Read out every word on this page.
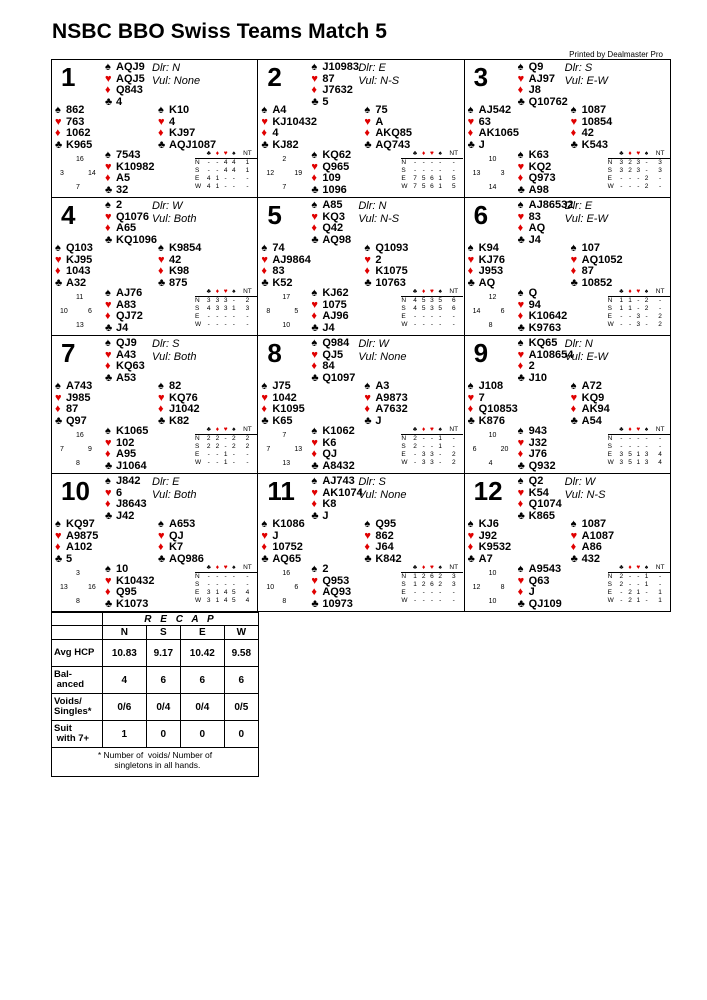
NSBC BBO Swiss Teams Match 5
Printed by Dealmaster Pro
1	Dlr: N
Vul: None
♠ AQJ9
♥ AQJ5
♦ Q843
♣ 4
♠ 862
♥ 763
♦ 1062
♣ K965
♠ K10
♥ 4
♦ KJ97
♣ AQJ1087
♠ 7543
♥ K10982
♦ A5
♣ 32
16
3	14
7
	♣	♦	♥	♠	NT
N	-	-	4	4	1
S	-	-	4	4	1
E	4	1	-	-	-
W	4	1	-	-	-
2	Dlr: E
Vul: N-S
♠ J10983
♥ 87
♦ J7632
♣ 5
♠ A4
♥ KJ10432
♦ 4
♣ KJ82
♠ 75
♥ A
♦ AKQ85
♣ AQ743
♠ KQ62
♥ Q965
♦ 109
♣ 1096
2
12	19
7
	♣	♦	♥	♠	NT
N	-	-	-	-	-
S	-	-	-	-	-
E	7	5	6	1	5
W	7	5	6	1	5
3	Dlr: S
Vul: E-W
♠ Q9
♥ AJ97
♦ J8
♣ Q10762
♠ AJ542
♥ 63
♦ AK1065
♣ J
♠ 1087
♥ 10854
♦ 42
♣ K543
♠ K63
♥ KQ2
♦ Q973
♣ A98
10
13	3
14
	♣	♦	♥	♠	NT
N	3	2	3	-	3
S	3	2	3	-	3
E	-	-	-	2	-
W	-	-	-	2	-
4	Dlr: W
Vul: Both
♠ 2
♥ Q1076
♦ A65
♣ KQ1096
♠ Q103
♥ KJ95
♦ 1043
♣ A32
♠ K9854
♥ 42
♦ K98
♣ 875
♠ AJ76
♥ A83
♦ QJ72
♣ J4
11
10	6
13
	♣	♦	♥	♠	NT
N	3	3	3	-	2
S	4	3	3	1	3
E	-	-	-	-	-
W	-	-	-	-	-
5	Dlr: N
Vul: N-S
♠ A85
♥ KQ3
♦ Q42
♣ AQ98
♠ 74
♥ AJ9864
♦ 83
♣ K52
♠ Q1093
♥ 2
♦ K1075
♣ 10763
♠ KJ62
♥ 1075
♦ AJ96
♣ J4
17
8	5
10
	♣	♦	♥	♠	NT
N	4	5	3	5	6
S	4	5	3	5	6
E	-	-	-	-	-
W	-	-	-	-	-
6	Dlr: E
Vul: E-W
♠ AJ86532
♥ 83
♦ AQ
♣ J4
♠ K94
♥ KJ76
♦ J953
♣ AQ
♠ 107
♥ AQ1052
♦ 87
♣ 10852
♠ Q
♥ 94
♦ K10642
♣ K9763
12
14	6
8
	♣	♦	♥	♠	NT
N	1	1	-	2	-
S	1	1	-	2	-
E	-	-	3	-	2
W	-	-	3	-	2
7	Dlr: S
Vul: Both
♠ QJ9
♥ A43
♦ KQ63
♣ A53
♠ A743
♥ J985
♦ 87
♣ Q97
♠ 82
♥ KQ76
♦ J1042
♣ K82
♠ K1065
♥ 102
♦ A95
♣ J1064
16
7	9
8
	♣	♦	♥	♠	NT
N	2	2	-	2	2
S	2	2	-	2	2
E	-	-	1	-	-
W	-	-	1	-	-
8	Dlr: W
Vul: None
♠ Q984
♥ QJ5
♦ 84
♣ Q1097
♠ J75
♥ 1042
♦ K1095
♣ K65
♠ A3
♥ A9873
♦ A7632
♣ J
♠ K1062
♥ K6
♦ QJ
♣ A8432
7
7	13
13
	♣	♦	♥	♠	NT
N	2	-	-	1	-
S	2	-	-	1	-
E	-	3	3	-	2
W	-	3	3	-	2
9	Dlr: N
Vul: E-W
♠ KQ65
♥ A108654
♦ 2
♣ J10
♠ J108
♥ 7
♦ Q10853
♣ K876
♠ A72
♥ KQ9
♦ AK94
♣ A54
♠ 943
♥ J32
♦ J76
♣ Q932
10
6	20
4
	♣	♦	♥	♠	NT
N	-	-	-	-	-
S	-	-	-	-	-
E	3	5	1	3	4
W	3	5	1	3	4
10	Dlr: E
Vul: Both
♠ J842
♥ 6
♦ J8643
♣ J42
♠ KQ97
♥ A9875
♦ A102
♣ 5
♠ A653
♥ QJ
♦ K7
♣ AQ986
♠ 10
♥ K10432
♦ Q95
♣ K1073
3
13	16
8
	♣	♦	♥	♠	NT
N	-	-	-	-	-
S	-	-	-	-	-
E	3	1	4	5	4
W	3	1	4	5	4
11	Dlr: S
Vul: None
♠ AJ743
♥ AK1074
♦ K8
♣ J
♠ K1086
♥ J
♦ 10752
♣ AQ65
♠ Q95
♥ 862
♦ J64
♣ K842
♠ 2
♥ Q953
♦ AQ93
♣ 10973
16
10	6
8
	♣	♦	♥	♠	NT
N	1	2	6	2	3
S	1	2	6	2	3
E	-	-	-	-	-
W	-	-	-	-	-
12	Dlr: W
Vul: N-S
♠ Q2
♥ K54
♦ Q1074
♣ K865
♠ KJ6
♥ J92
♦ K9532
♣ A7
♠ 1087
♥ A1087
♦ A86
♣ 432
♠ A9543
♥ Q63
♦ J
♣ QJ109
10
12	8
10
	♣	♦	♥	♠	NT
N	2	-	-	1	-
S	2	-	-	1	-
E	-	2	1	-	1
W	-	2	1	-	1
	R E C A P			
	N	S	E	W
Avg HCP	10.83	9.17	10.42	9.58
Bal-
anced	4	6	6	6
Voids/
Singles*	0/6	0/4	0/4	0/5
Suit
with 7+	1	0	0	0
* Number of  voids/ Number of
singletons in all hands.				
